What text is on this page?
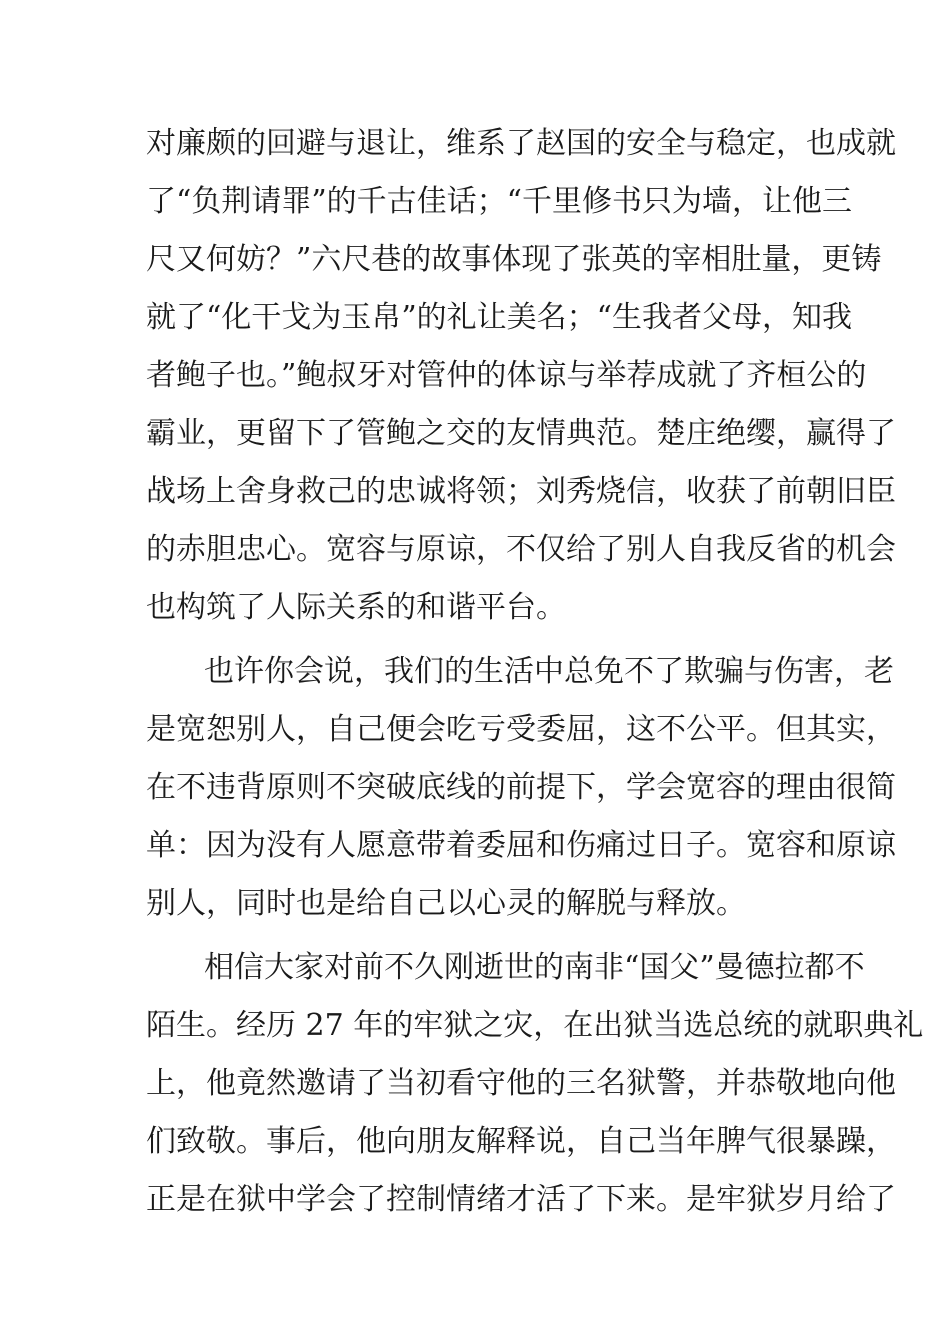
对廉颇的回避与退让，维系了赵国的安全与稳定，也成就
了“负荆请罪”的千古佳话；“千里修书只为墙，让他三
尺又何妨？”六尺巷的故事体现了张英的宰相肚量，更铸
就了“化干戈为玉帛”的礼让美名；“生我者父母，知我
者鲍子也。”鲍叔牙对管仲的体谅与举荐成就了齐桓公的
霸业，更留下了管鲍之交的友情典范。楚庄绝缨，赢得了
战场上舍身救己的忠诚将领；刘秀烧信，收获了前朝旧臣
的赤胆忠心。宽容与原谅，不仅给了别人自我反省的机会
也构筑了人际关系的和谐平台。
也许你会说，我们的生活中总免不了欺骗与伤害，老
是宽恕别人，自己便会吃亏受委屈，这不公平。但其实，
在不违背原则不突破底线的前提下，学会宽容的理由很简
单：因为没有人愿意带着委屈和伤痛过日子。宽容和原谅
别人，同时也是给自己以心灵的解脱与释放。
相信大家对前不久刚逝世的南非“国父”曼德拉都不
陌生。经历 27 年的牢狱之灾，在出狱当选总统的就职典礼
上，他竟然邀请了当初看守他的三名狱警，并恭敬地向他
们致敬。事后，他向朋友解释说，自己当年脾气很暴躁，
正是在狱中学会了控制情绪才活了下来。是牢狱岁月给了
